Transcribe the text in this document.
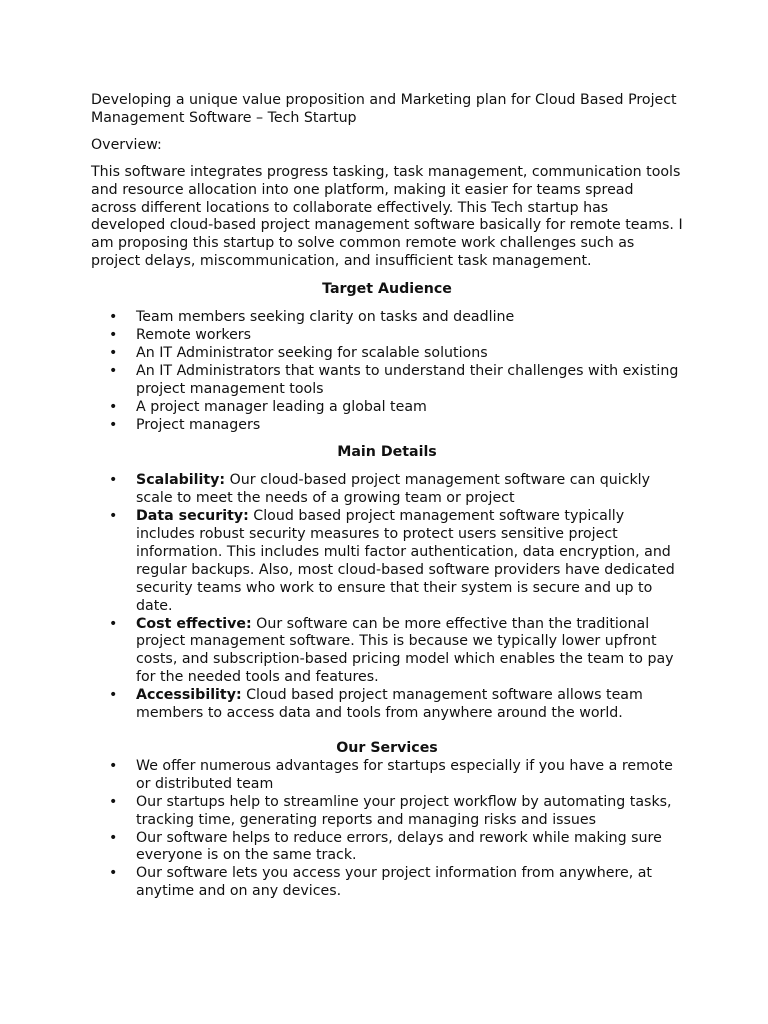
Developing a unique value proposition and Marketing plan for Cloud Based Project Management Software – Tech Startup

Overview:

This software integrates progress tasking, task management, communication tools and resource allocation into one platform, making it easier for teams spread across different locations to collaborate effectively. This Tech startup has developed cloud-based project management software basically for remote teams. I am proposing this startup to solve common remote work challenges such as project delays, miscommunication, and insufficient task management.

Target Audience

• Team members seeking clarity on tasks and deadline
• Remote workers
• An IT Administrator seeking for scalable solutions
• An IT Administrators that wants to understand their challenges with existing project management tools
• A project manager leading a global team
• Project managers

Main Details

• Scalability: Our cloud-based project management software can quickly scale to meet the needs of a growing team or project
• Data security: Cloud based project management software typically includes robust security measures to protect users sensitive project information. This includes multi factor authentication, data encryption, and regular backups. Also, most cloud-based software providers have dedicated security teams who work to ensure that their system is secure and up to date.
• Cost effective: Our software can be more effective than the traditional project management software. This is because we typically lower upfront costs, and subscription-based pricing model which enables the team to pay for the needed tools and features.
• Accessibility: Cloud based project management software allows team members to access data and tools from anywhere around the world.

Our Services

• We offer numerous advantages for startups especially if you have a remote or distributed team
• Our startups help to streamline your project workflow by automating tasks, tracking time, generating reports and managing risks and issues
• Our software helps to reduce errors, delays and rework while making sure everyone is on the same track.
• Our software lets you access your project information from anywhere, at anytime and on any devices.
